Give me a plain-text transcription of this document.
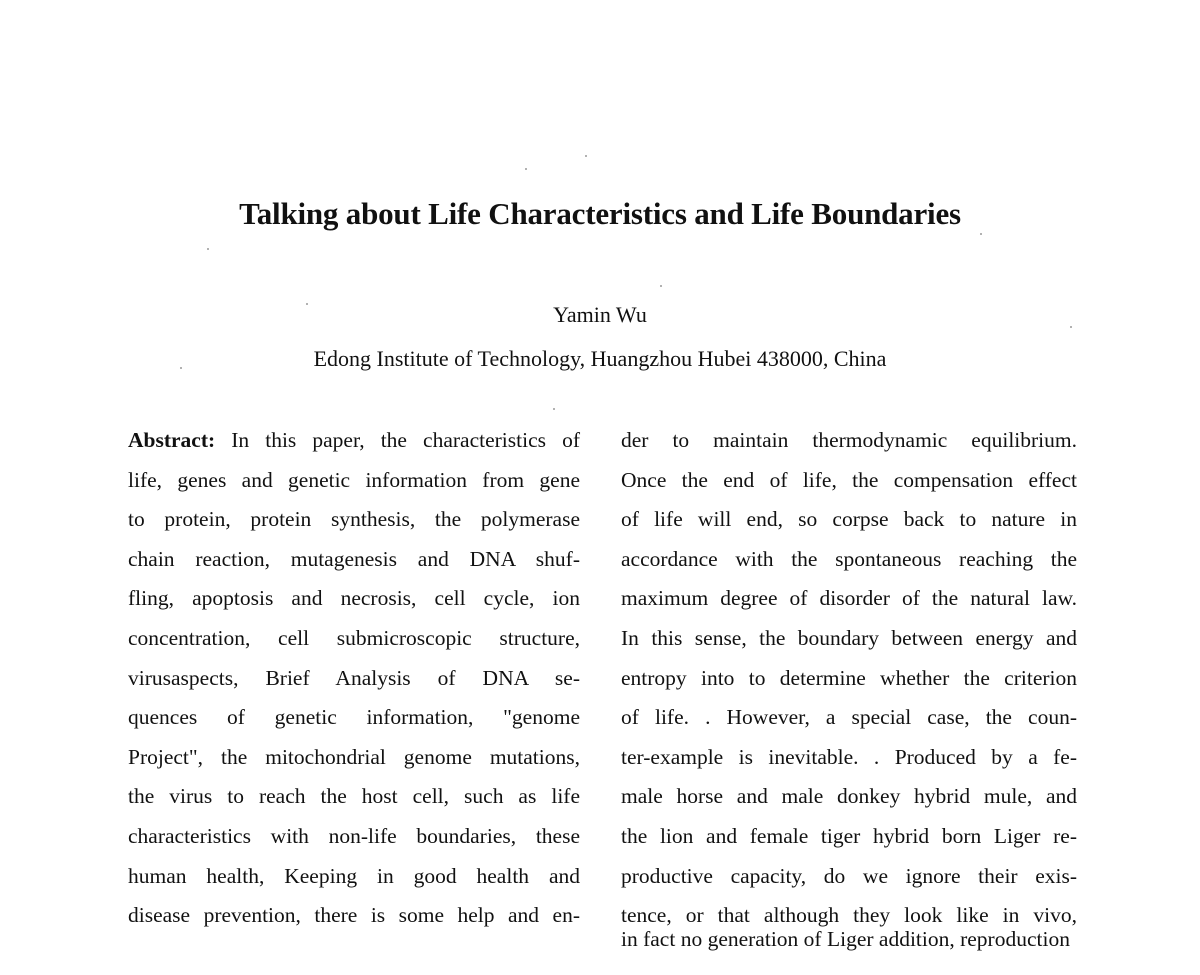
Talking about Life Characteristics and Life Boundaries
Yamin Wu
Edong Institute of Technology, Huangzhou Hubei 438000, China
Abstract: In this paper, the characteristics of
life, genes and genetic information from gene
to protein, protein synthesis, the polymerase
chain reaction, mutagenesis and DNA shuf-
fling, apoptosis and necrosis, cell cycle, ion
concentration, cell submicroscopic structure,
virusaspects, Brief Analysis of DNA se-
quences of genetic information, "genome
Project", the mitochondrial genome mutations,
the virus to reach the host cell, such as life
characteristics with non-life boundaries, these
human health, Keeping in good health and
disease prevention, there is some help and en-
der to maintain thermodynamic equilibrium.
Once the end of life, the compensation effect
of life will end, so corpse back to nature in
accordance with the spontaneous reaching the
maximum degree of disorder of the natural law.
In this sense, the boundary between energy and
entropy into to determine whether the criterion
of life. . However, a special case, the coun-
ter-example is inevitable. . Produced by a fe-
male horse and male donkey hybrid mule, and
the lion and female tiger hybrid born Liger re-
productive capacity, do we ignore their exis-
tence, or that although they look like in vivo,
in fact no generation of Liger addition, reproduction
